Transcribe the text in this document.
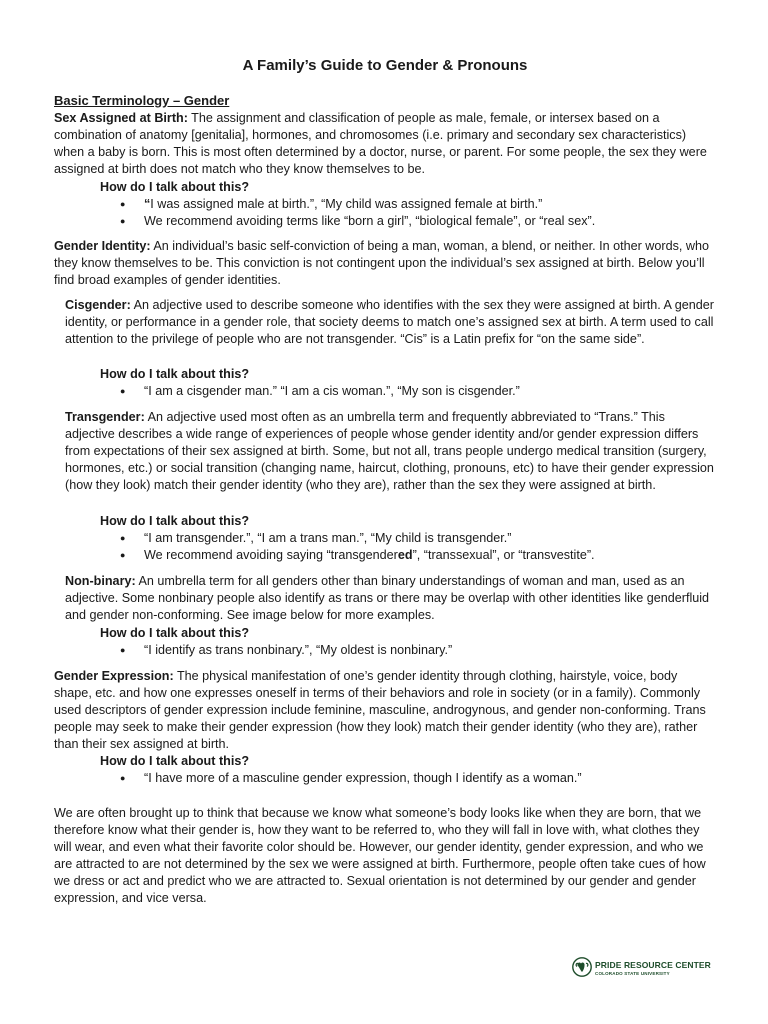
A Family’s Guide to Gender & Pronouns
Basic Terminology – Gender

Sex Assigned at Birth: The assignment and classification of people as male, female, or intersex based on a combination of anatomy [genitalia], hormones, and chromosomes (i.e. primary and secondary sex characteristics) when a baby is born. This is most often determined by a doctor, nurse, or parent. For some people, the sex they were assigned at birth does not match who they know themselves to be.

How do I talk about this?

● “I was assigned male at birth.”, “My child was assigned female at birth.”

● We recommend avoiding terms like “born a girl”, “biological female”, or “real sex”.

Gender Identity: An individual’s basic self-conviction of being a man, woman, a blend, or neither. In other words, who they know themselves to be. This conviction is not contingent upon the individual’s sex assigned at birth. Below you’ll find broad examples of gender identities.

Cisgender: An adjective used to describe someone who identifies with the sex they were assigned at birth. A gender identity, or performance in a gender role, that society deems to match one’s assigned sex at birth. A term used to call attention to the privilege of people who are not transgender. “Cis” is a Latin prefix for “on the same side”.

How do I talk about this?

● “I am a cisgender man.” “I am a cis woman.”, “My son is cisgender.”

Transgender: An adjective used most often as an umbrella term and frequently abbreviated to “Trans.” This adjective describes a wide range of experiences of people whose gender identity and/or gender expression differs from expectations of their sex assigned at birth. Some, but not all, trans people undergo medical transition (surgery, hormones, etc.) or social transition (changing name, haircut, clothing, pronouns, etc) to have their gender expression (how they look) match their gender identity (who they are), rather than the sex they were assigned at birth.

How do I talk about this?

● “I am transgender.”, “I am a trans man.”, “My child is transgender.”

● We recommend avoiding saying “transgendered”, “transsexual”, or “transvestite”.

Non-binary: An umbrella term for all genders other than binary understandings of woman and man, used as an adjective. Some nonbinary people also identify as trans or there may be overlap with other identities like genderfluid and gender non-conforming. See image below for more examples.

How do I talk about this?

● “I identify as trans nonbinary.”, “My oldest is nonbinary.”

Gender Expression: The physical manifestation of one’s gender identity through clothing, hairstyle, voice, body shape, etc. and how one expresses oneself in terms of their behaviors and role in society (or in a family). Commonly used descriptors of gender expression include feminine, masculine, androgynous, and gender non-conforming. Trans people may seek to make their gender expression (how they look) match their gender identity (who they are), rather than their sex assigned at birth.

How do I talk about this?

● “I have more of a masculine gender expression, though I identify as a woman.”

We are often brought up to think that because we know what someone’s body looks like when they are born, that we therefore know what their gender is, how they want to be referred to, who they will fall in love with, what clothes they will wear, and even what their favorite color should be. However, our gender identity, gender expression, and who we are attracted to are not determined by the sex we were assigned at birth. Furthermore, people often take cues of how we dress or act and predict who we are attracted to. Sexual orientation is not determined by our gender and gender expression, and vice versa.

PRIDE RESOURCE CENTER
COLORADO STATE UNIVERSITY
